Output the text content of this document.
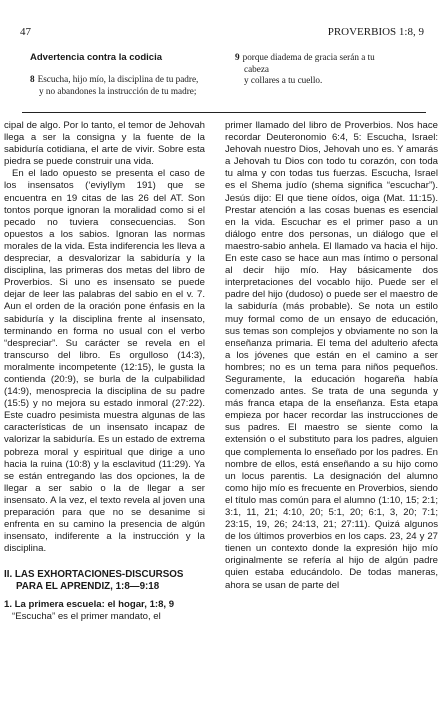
47	PROVERBIOS 1:8, 9
Advertencia contra la codicia
8 Escucha, hijo mío, la disciplina de tu padre,
y no abandones la instrucción de tu madre;
9 porque diadema de gracia serán a tu
cabeza
y collares a tu cuello.

cipal de algo. Por lo tanto, el temor de Jehovah llega a ser la consigna y la fuente de la sabiduría cotidiana, el arte de vivir. Sobre esta piedra se puede construir una vida.

En el lado opuesto se presenta el caso de los insensatos (‘eviylîym 191) que se encuentra en 19 citas de las 26 del AT. Son tontos porque ignoran la moralidad como si el pecado no tuviera consecuencias. Son opuestos a los sabios. Ignoran las normas morales de la vida. Esta indiferencia les lleva a despreciar, a desvalorizar la sabiduría y la disciplina, las primeras dos metas del libro de Proverbios. Si uno es insensato se puede dejar de leer las palabras del sabio en el v. 7. Aun el orden de la oración pone énfasis en la sabiduría y la disciplina frente al insensato, terminando en forma no usual con el verbo “despreciar”. Su carácter se revela en el transcurso del libro. Es orgulloso (14:3), moralmente incompetente (12:15), le gusta la contienda (20:9), se burla de la culpabilidad (14:9), menosprecia la disciplina de su padre (15:5) y no mejora su estado inmoral (27:22). Este cuadro pesimista muestra algunas de las características de un insensato incapaz de valorizar la sabiduría. Es un estado de extrema pobreza moral y espiritual que dirige a uno hacia la ruina (10:8) y la esclavitud (11:29). Ya se están entregando las dos opciones, la de llegar a ser sabio o la de llegar a ser insensato. A la vez, el texto revela al joven una preparación para que no se desanime si enfrenta en su camino la presencia de algún insensato, indiferente a la instrucción y la disciplina.

II. LAS EXHORTACIONES-DISCURSOS
PARA EL APRENDIZ, 1:8—9:18
1. La primera escuela: el hogar, 1:8, 9

“Escucha” es el primer mandato, el

primer llamado del libro de Proverbios. Nos hace recordar Deuteronomio 6:4, 5: Escucha, Israel: Jehovah nuestro Dios, Jehovah uno es. Y amarás a Jehovah tu Dios con todo tu corazón, con toda tu alma y con todas tus fuerzas. Escucha, Israel es el Shema judío (shema significa “escuchar”). Jesús dijo: El que tiene oídos, oiga (Mat. 11:15). Prestar atención a las cosas buenas es esencial en la vida. Escuchar es el primer paso a un diálogo entre dos personas, un diálogo que el maestro-sabio anhela. El llamado va hacia el hijo. En este caso se hace aun mas íntimo o personal al decir hijo mío. Hay básicamente dos interpretaciones del vocablo hijo. Puede ser el padre del hijo (dudoso) o puede ser el maestro de la sabiduría (más probable). Se nota un estilo muy formal como de un ensayo de educación, sus temas son complejos y obviamente no son la enseñanza primaria. El tema del adulterio afecta a los jóvenes que están en el camino a ser hombres; no es un tema para niños pequeños. Seguramente, la educación hogareña había comenzado antes. Se trata de una segunda y más franca etapa de la enseñanza. Esta etapa empieza por hacer recordar las instrucciones de sus padres. El maestro se siente como la extensión o el substituto para los padres, alguien que complementa lo enseñado por los padres. En nombre de ellos, está enseñando a su hijo como un locus parentis. La designación del alumno como hijo mío es frecuente en Proverbios, siendo el título mas común para el alumno (1:10, 15; 2:1; 3:1, 11, 21; 4:10, 20; 5:1, 20; 6:1, 3, 20; 7:1; 23:15, 19, 26; 24:13, 21; 27:11). Quizá algunos de los últimos proverbios en los caps. 23, 24 y 27 tienen un contexto donde la expresión hijo mío originalmente se refería al hijo de algún padre quien estaba educándolo. De todas maneras, ahora se usan de parte del
